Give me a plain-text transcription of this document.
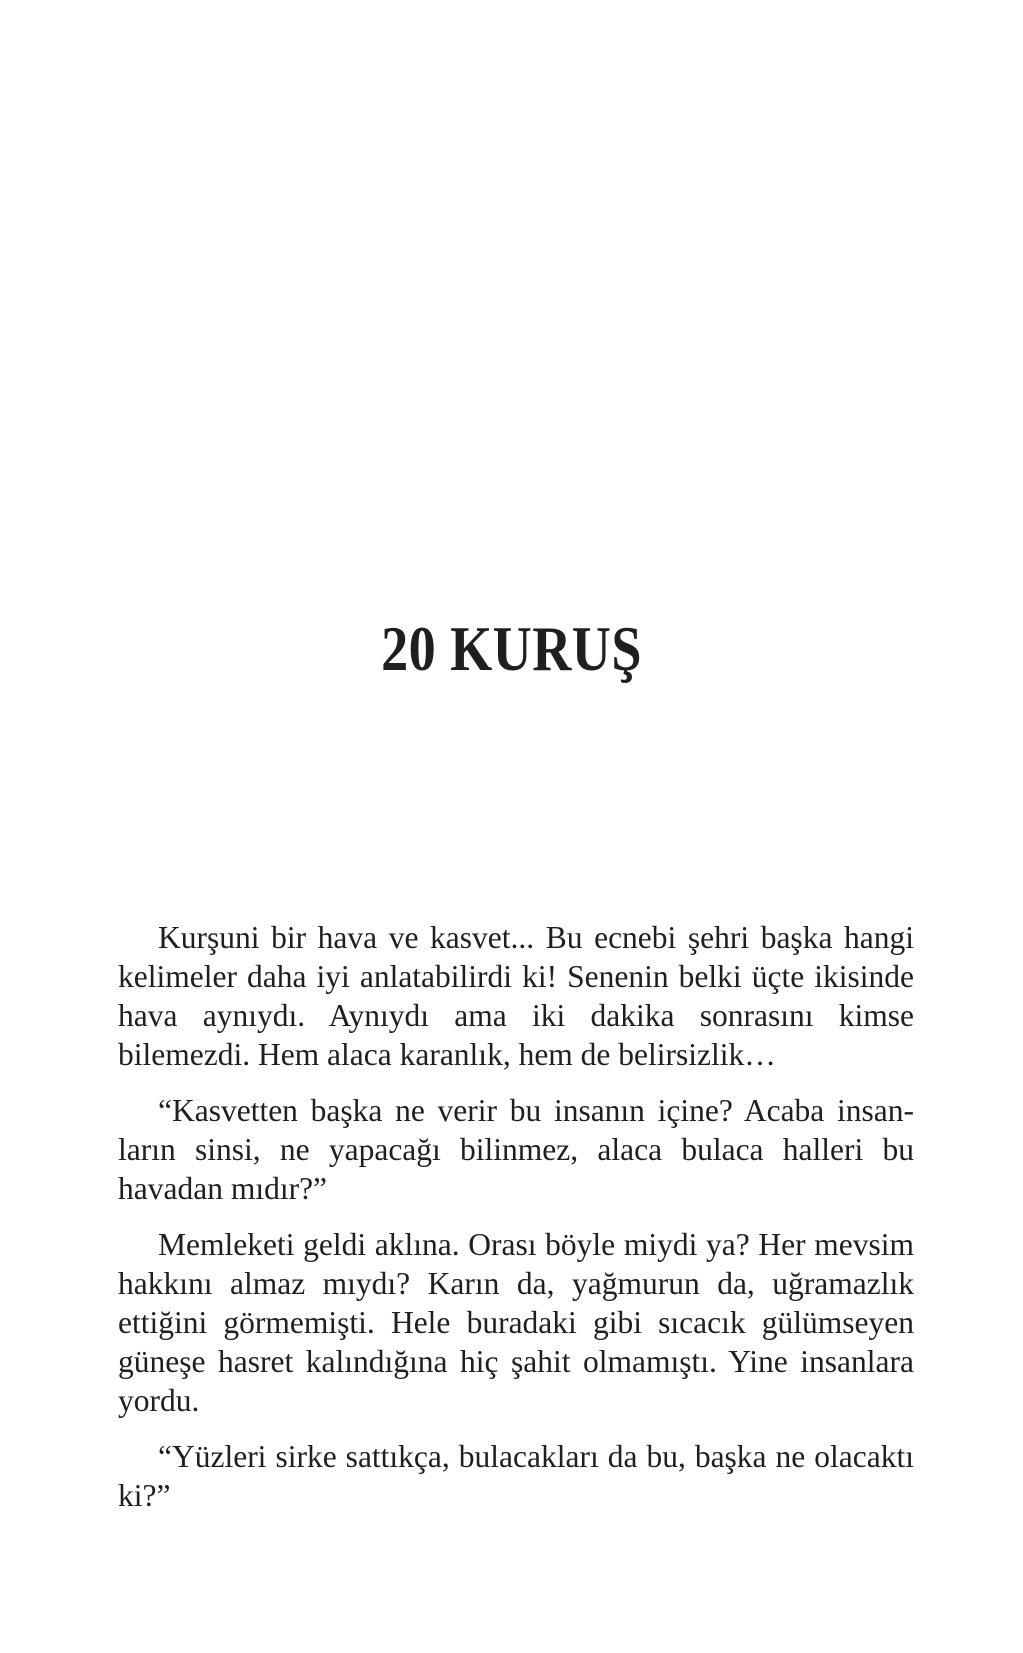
20 KURUŞ

Kurşuni bir hava ve kasvet... Bu ecnebi şehri başka hangi kelimeler daha iyi anlatabilirdi ki! Senenin belki üçte ikisinde hava aynıydı. Aynıydı ama iki dakika sonrasını kimse bilemezdi. Hem alaca karanlık, hem de belirsizlik…

“Kasvetten başka ne verir bu insanın içine? Acaba insanların sinsi, ne yapacağı bilinmez, alaca bulaca halleri bu havadan mıdır?”

Memleketi geldi aklına. Orası böyle miydi ya? Her mevsim hakkını almaz mıydı? Karın da, yağmurun da, uğramazlık ettiğini görmemişti. Hele buradaki gibi sıcacık gülümseyen güneşe hasret kalındığına hiç şahit olmamıştı. Yine insanlara yordu.

“Yüzleri sirke sattıkça, bulacakları da bu, başka ne olacaktı ki?”
